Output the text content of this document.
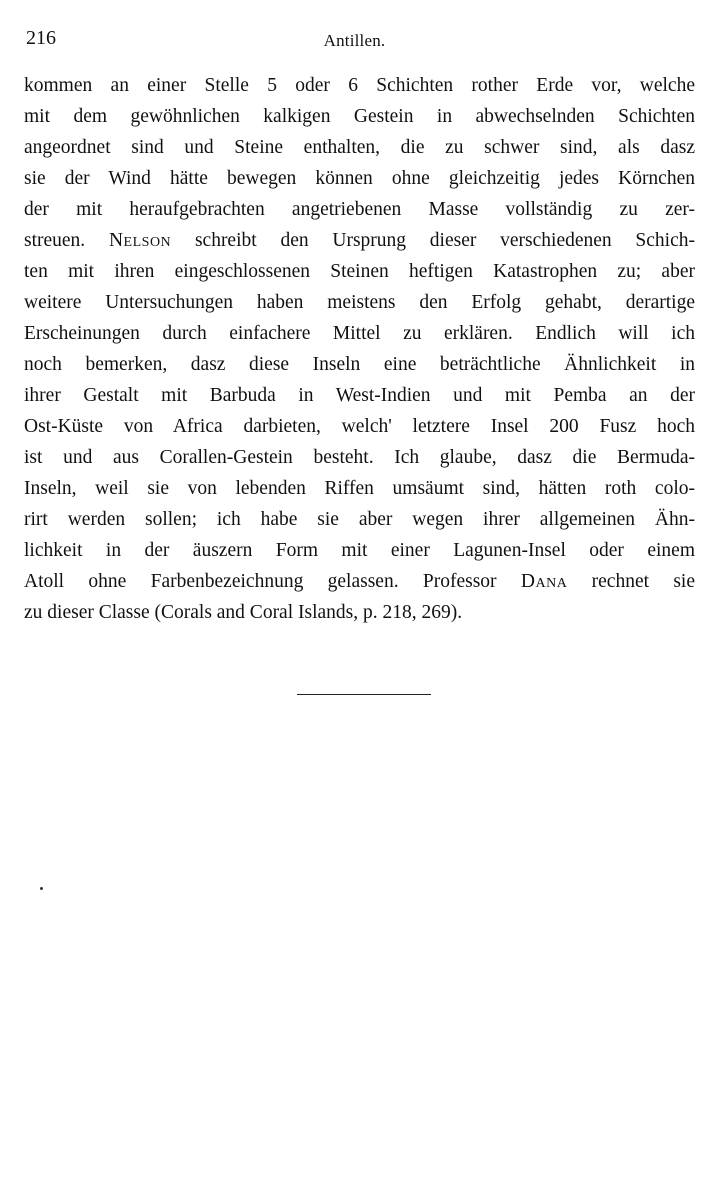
216	Antillen.
kommen an einer Stelle 5 oder 6 Schichten rother Erde vor, welche
mit dem gewöhnlichen kalkigen Gestein in abwechselnden Schichten
angeordnet sind und Steine enthalten, die zu schwer sind, als dasz
sie der Wind hätte bewegen können ohne gleichzeitig jedes Körnchen
der mit heraufgebrachten angetriebenen Masse vollständig zu zer-
streuen. Nelson schreibt den Ursprung dieser verschiedenen Schich-
ten mit ihren eingeschlossenen Steinen heftigen Katastrophen zu; aber
weitere Untersuchungen haben meistens den Erfolg gehabt, derartige
Erscheinungen durch einfachere Mittel zu erklären. Endlich will ich
noch bemerken, dasz diese Inseln eine beträchtliche Ähnlichkeit in
ihrer Gestalt mit Barbuda in West-Indien und mit Pemba an der
Ost-Küste von Africa darbieten, welch' letztere Insel 200 Fusz hoch
ist und aus Corallen-Gestein besteht. Ich glaube, dasz die Bermuda-
Inseln, weil sie von lebenden Riffen umsäumt sind, hätten roth colo-
rirt werden sollen; ich habe sie aber wegen ihrer allgemeinen Ähn-
lichkeit in der äuszern Form mit einer Lagunen-Insel oder einem
Atoll ohne Farbenbezeichnung gelassen. Professor Dana rechnet sie
zu dieser Classe (Corals and Coral Islands, p. 218, 269).
